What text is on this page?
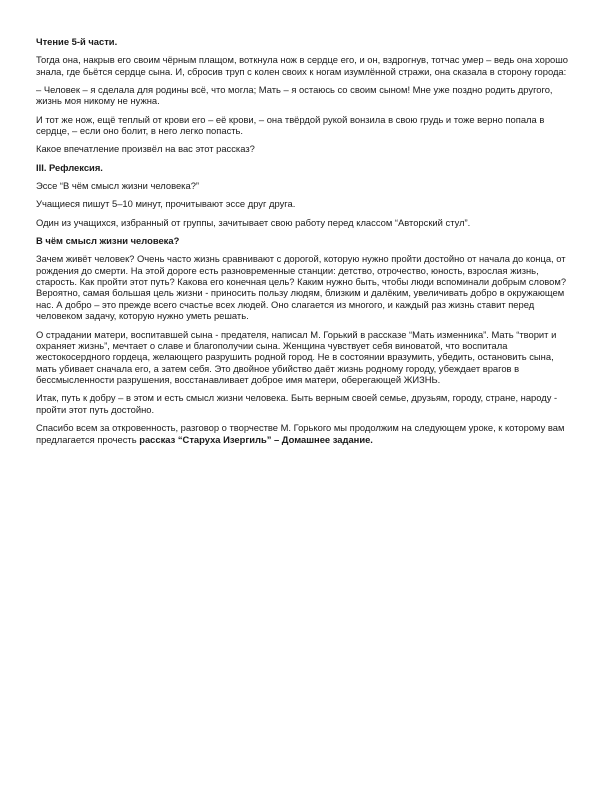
Чтение 5-й части.

Тогда она, накрыв его своим чёрным плащом, воткнула нож в сердце его, и он, вздрогнув, тотчас умер – ведь она хорошо знала, где бьётся сердце сына. И, сбросив труп с колен своих к ногам изумлённой стражи, она сказала в сторону города:

– Человек – я сделала для родины всё, что могла; Мать – я остаюсь со своим сыном! Мне уже поздно родить другого, жизнь моя никому не нужна.

И тот же нож, ещё теплый от крови его – её крови, – она твёрдой рукой вонзила в свою грудь и тоже верно попала в сердце, – если оно болит, в него легко попасть.

Какое впечатление произвёл на вас этот рассказ?

III. Рефлексия.

Эссе “В чём смысл жизни человека?”

Учащиеся пишут 5–10 минут, прочитывают эссе друг друга.

Один из учащихся, избранный от группы, зачитывает свою работу перед классом “Авторский стул”.

В чём смысл жизни человека?

Зачем живёт человек? Очень часто жизнь сравнивают с дорогой, которую нужно пройти достойно от начала до конца, от рождения до смерти. На этой дороге есть разновременные станции: детство, отрочество, юность, взрослая жизнь, старость. Как пройти этот путь? Какова его конечная цель? Каким нужно быть, чтобы люди вспоминали добрым словом? Вероятно, самая большая цель жизни - приносить пользу людям, близким и далёким, увеличивать добро в окружающем нас. А добро – это прежде всего счастье всех людей. Оно слагается из многого, и каждый раз жизнь ставит перед человеком задачу, которую нужно уметь решать.

О страдании матери, воспитавшей сына - предателя, написал М. Горький в рассказе “Мать изменника”. Мать “творит и охраняет жизнь”, мечтает о славе и благополучии сына. Женщина чувствует себя виноватой, что воспитала жестокосердного гордеца, желающего разрушить родной город. Не в состоянии вразумить, убедить, остановить сына, мать убивает сначала его, а затем себя. Это двойное убийство даёт жизнь родному городу, убеждает врагов в бессмысленности разрушения, восстанавливает доброе имя матери, оберегающей ЖИЗНЬ.

Итак, путь к добру – в этом и есть смысл жизни человека. Быть верным своей семье, друзьям, городу, стране, народу - пройти этот путь достойно.

Спасибо всем за откровенность, разговор о творчестве М. Горького мы продолжим на следующем уроке, к которому вам предлагается прочесть рассказ “Старуха Изергиль” – Домашнее задание.
